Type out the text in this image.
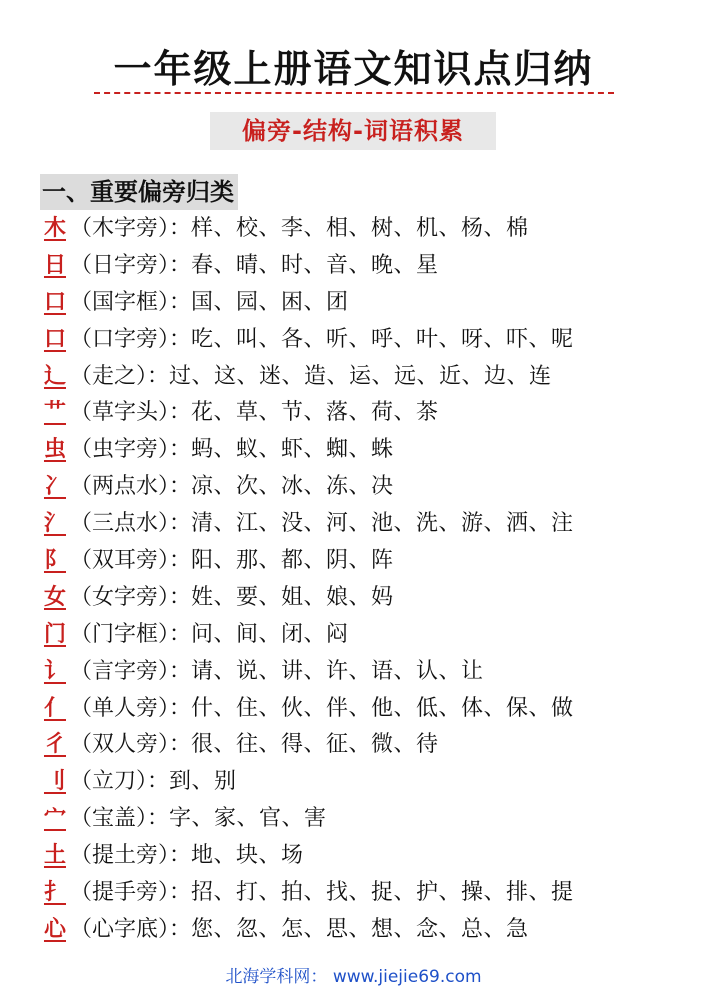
一年级上册语文知识点归纳
偏旁-结构-词语积累
一、重要偏旁归类
木 （木字旁）：样、校、李、相、树、机、杨、棉
日 （日字旁）：春、晴、时、音、晚、星
口 （国字框）：国、园、困、团
口 （口字旁）：吃、叫、各、听、呼、叶、呀、吓、呢
辶 （走之）：过、这、迷、造、运、远、近、边、连
艹 （草字头）：花、草、节、落、荷、茶
虫 （虫字旁）：蚂、蚁、虾、蜘、蛛
冫 （两点水）：凉、次、冰、冻、决
氵 （三点水）：清、江、没、河、池、洗、游、洒、注
阝 （双耳旁）：阳、那、都、阴、阵
女 （女字旁）：姓、要、姐、娘、妈
门 （门字框）：问、间、闭、闷
讠 （言字旁）：请、说、讲、许、语、认、让
亻 （单人旁）：什、住、伙、伴、他、低、体、保、做
彳 （双人旁）：很、往、得、征、微、待
刂 （立刀）：到、别
宀 （宝盖）：字、家、官、害
土 （提土旁）：地、块、场
扌 （提手旁）：招、打、拍、找、捉、护、操、排、提
心 （心字底）：您、忽、怎、思、想、念、总、急
北海学科网： www.jiejie69.com
